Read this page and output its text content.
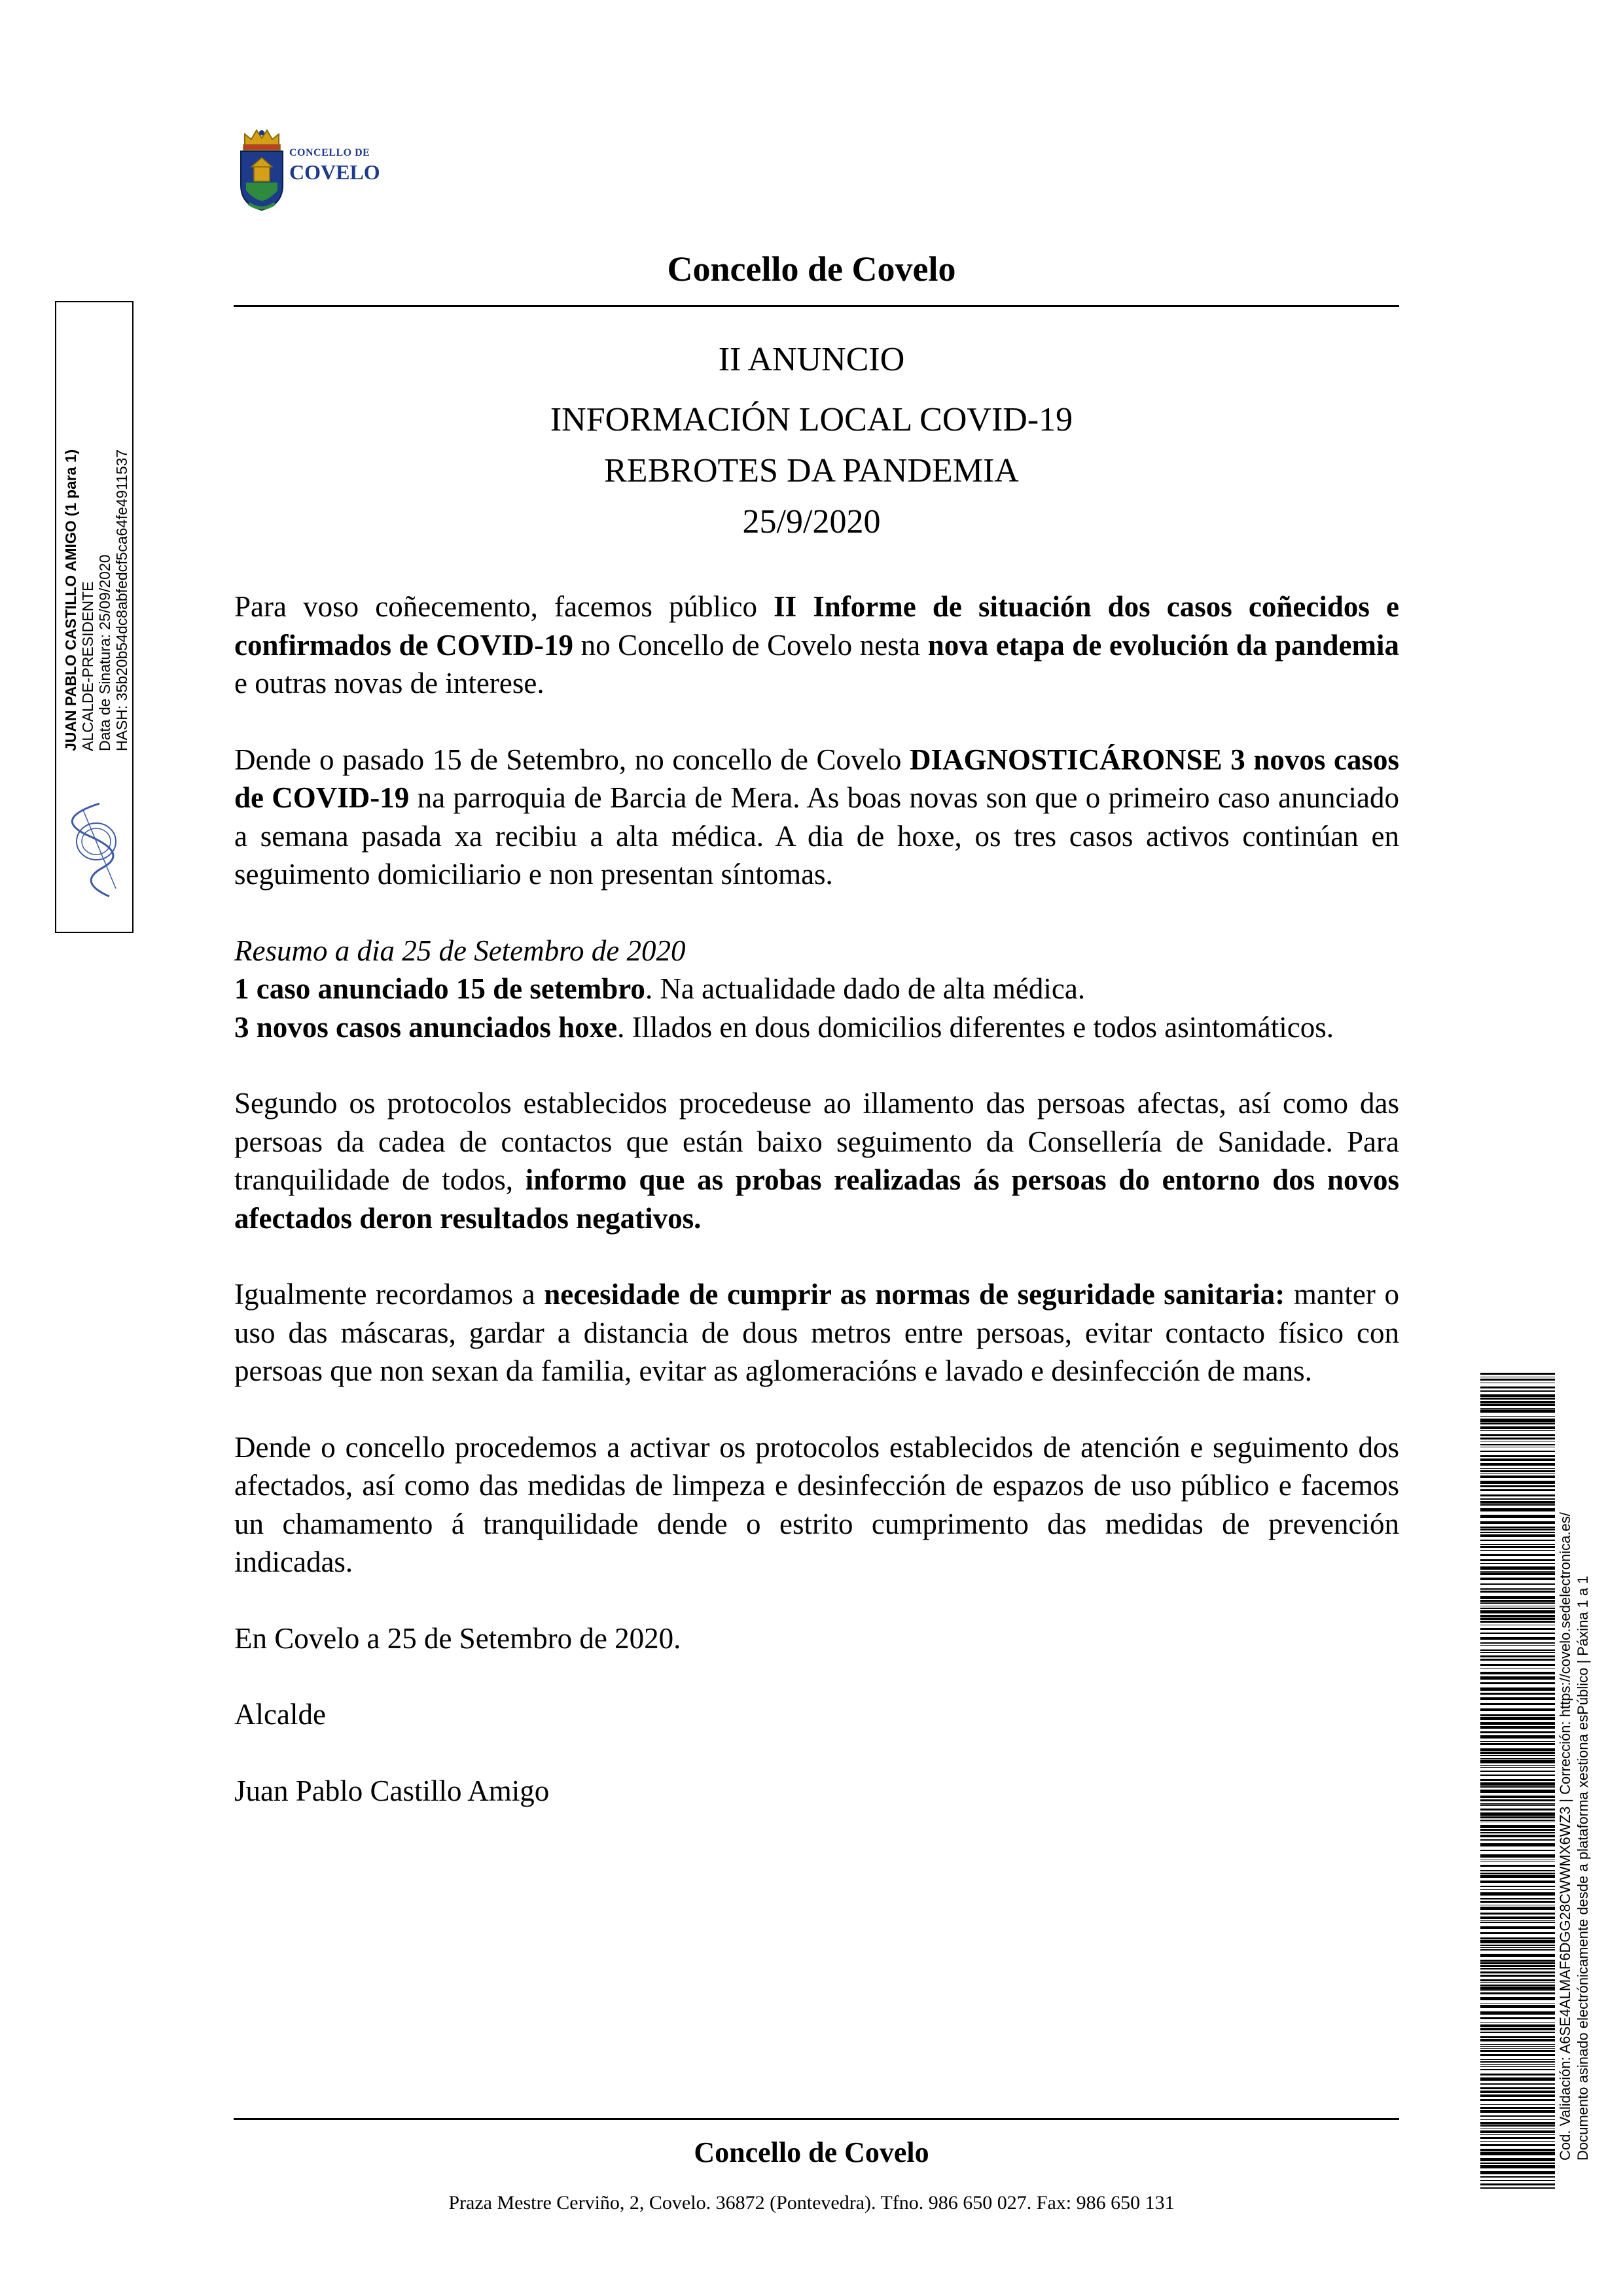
CONCELLO DE
COVELO
Concello de Covelo
II ANUNCIO
INFORMACIÓN LOCAL COVID-19
REBROTES DA PANDEMIA
25/9/2020

Para voso coñecemento, facemos público II Informe de situación dos casos coñecidos e confirmados de COVID-19 no Concello de Covelo nesta nova etapa de evolución da pandemia e outras novas de interese.

Dende o pasado 15 de Setembro, no concello de Covelo DIAGNOSTICÁRONSE 3 novos casos de COVID-19 na parroquia de Barcia de Mera. As boas novas son que o primeiro caso anunciado a semana pasada xa recibiu a alta médica. A dia de hoxe, os tres casos activos continúan en seguimento domiciliario e non presentan síntomas.

Resumo a dia 25 de Setembro de 2020

1 caso anunciado 15 de setembro. Na actualidade dado de alta médica.

3 novos casos anunciados hoxe. Illados en dous domicilios diferentes e todos asintomáticos.

Segundo os protocolos establecidos procedeuse ao illamento das persoas afectas, así como das persoas da cadea de contactos que están baixo seguimento da Consellería de Sanidade. Para tranquilidade de todos, informo que as probas realizadas ás persoas do entorno dos novos afectados deron resultados negativos.

Igualmente recordamos a necesidade de cumprir as normas de seguridade sanitaria: manter o uso das máscaras, gardar a distancia de dous metros entre persoas, evitar contacto físico con persoas que non sexan da familia, evitar as aglomeracións e lavado e desinfección de mans.

Dende o concello procedemos a activar os protocolos establecidos de atención e seguimento dos afectados, así como das medidas de limpeza e desinfección de espazos de uso público e facemos un chamamento á tranquilidade dende o estrito cumprimento das medidas de prevención indicadas.

En Covelo a 25 de Setembro de 2020.

Alcalde

Juan Pablo Castillo Amigo

Concello de Covelo
Praza Mestre Cerviño, 2, Covelo. 36872 (Pontevedra). Tfno. 986 650 027. Fax: 986 650 131
JUAN PABLO CASTILLO AMIGO (1 para 1) ALCALDE-PRESIDENTE Data de Sinatura: 25/09/2020 HASH: 35b20b54dc8abfedcf5ca64fe4911537
Cod. Validación: A6SE4ALMAF6DGG28CWWMX6WZ3 | Corrección: https://covelo.sedelectronica.es/ Documento asinado electrónicamente desde a plataforma xestiona esPúblico | Páxina 1 a 1
